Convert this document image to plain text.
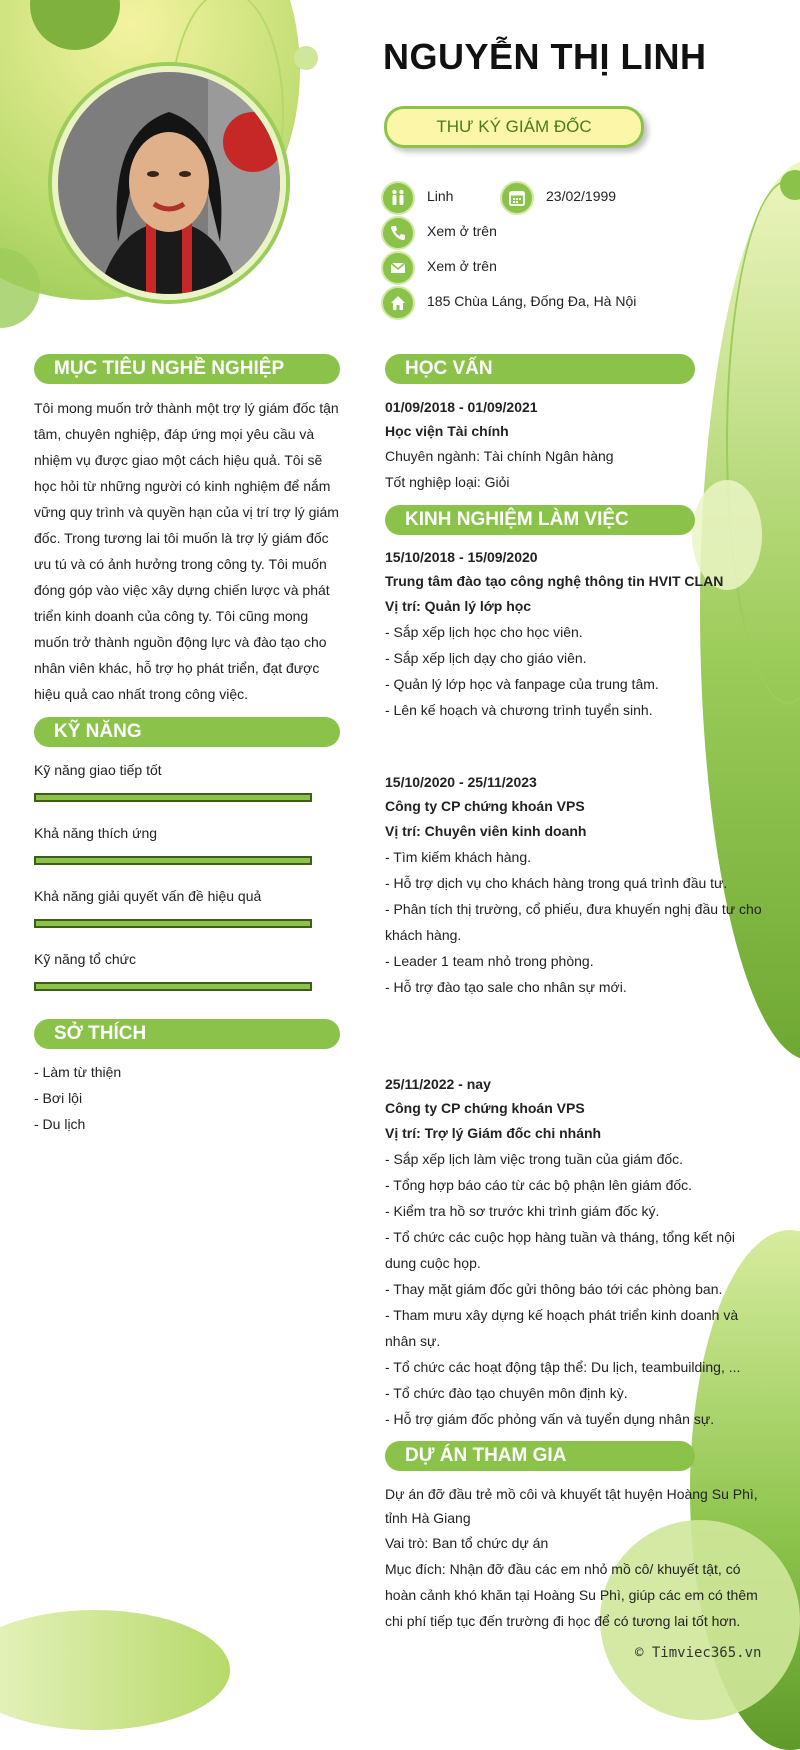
NGUYỄN THỊ LINH
THƯ KÝ GIÁM ĐỐC
Linh	23/02/1999
Xem ở trên
Xem ở trên
185 Chùa Láng, Đống Đa, Hà Nội
MỤC TIÊU NGHỀ NGHIỆP
Tôi mong muốn trở thành một trợ lý giám đốc tận
tâm, chuyên nghiệp, đáp ứng mọi yêu cầu và
nhiệm vụ được giao một cách hiệu quả. Tôi sẽ
học hỏi từ những người có kinh nghiệm để nắm
vững quy trình và quyền hạn của vị trí trợ lý giám
đốc. Trong tương lai tôi muốn là trợ lý giám đốc
ưu tú và có ảnh hưởng trong công ty. Tôi muốn
đóng góp vào việc xây dựng chiến lược và phát
triển kinh doanh của công ty. Tôi cũng mong
muốn trở thành nguồn động lực và đào tạo cho
nhân viên khác, hỗ trợ họ phát triển, đạt được
hiệu quả cao nhất trong công việc.
KỸ NĂNG
Kỹ năng giao tiếp tốt
Khả năng thích ứng
Khả năng giải quyết vấn đề hiệu quả
Kỹ năng tổ chức
SỞ THÍCH
- Làm từ thiện
- Bơi lội
- Du lịch
HỌC VẤN
01/09/2018 - 01/09/2021
Học viện Tài chính
Chuyên ngành: Tài chính Ngân hàng
Tốt nghiệp loại: Giỏi
KINH NGHIỆM LÀM VIỆC
15/10/2018 - 15/09/2020
Trung tâm đào tạo công nghệ thông tin HVIT CLAN
Vị trí: Quản lý lớp học
- Sắp xếp lịch học cho học viên.
- Sắp xếp lịch dạy cho giáo viên.
- Quản lý lớp học và fanpage của trung tâm.
- Lên kế hoạch và chương trình tuyển sinh.
15/10/2020 - 25/11/2023
Công ty CP chứng khoán VPS
Vị trí: Chuyên viên kinh doanh
- Tìm kiếm khách hàng.
- Hỗ trợ dịch vụ cho khách hàng trong quá trình đầu tư.
- Phân tích thị trường, cổ phiếu, đưa khuyến nghị đầu tư cho
khách hàng.
- Leader 1 team nhỏ trong phòng.
- Hỗ trợ đào tạo sale cho nhân sự mới.
25/11/2022 - nay
Công ty CP chứng khoán VPS
Vị trí: Trợ lý Giám đốc chi nhánh
- Sắp xếp lịch làm việc trong tuần của giám đốc.
- Tổng hợp báo cáo từ các bộ phận lên giám đốc.
- Kiểm tra hồ sơ trước khi trình giám đốc ký.
- Tổ chức các cuộc họp hàng tuần và tháng, tổng kết nội
dung cuộc họp.
- Thay mặt giám đốc gửi thông báo tới các phòng ban.
- Tham mưu xây dựng kế hoạch phát triển kinh doanh và
nhân sự.
- Tổ chức các hoạt động tập thể: Du lịch, teambuilding, ...
- Tổ chức đào tạo chuyên môn định kỳ.
- Hỗ trợ giám đốc phỏng vấn và tuyển dụng nhân sự.
DỰ ÁN THAM GIA
Dự án đỡ đầu trẻ mồ côi và khuyết tật huyện Hoàng Su Phì,
tỉnh Hà Giang
Vai trò: Ban tổ chức dự án
Mục đích: Nhận đỡ đầu các em nhỏ mồ cô/ khuyết tật, có
hoàn cảnh khó khăn tại Hoàng Su Phì, giúp các em có thêm
chi phí tiếp tục đến trường đi học để có tương lai tốt hơn.
© Timviec365.vn
